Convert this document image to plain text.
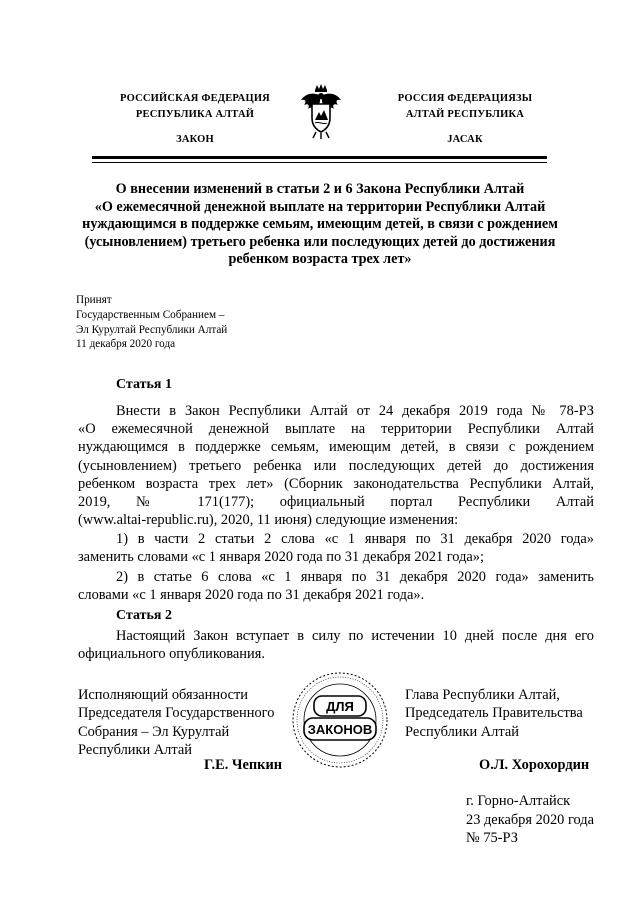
РОССИЙСКАЯ ФЕДЕРАЦИЯ
РЕСПУБЛИКА АЛТАЙ
ЗАКОН
РОССИЯ ФЕДЕРАЦИЯЗЫ
АЛТАЙ РЕСПУБЛИКА
JАСАК
О внесении изменений в статьи 2 и 6 Закона Республики Алтай
«О ежемесячной денежной выплате на территории Республики Алтай
нуждающимся в поддержке семьям, имеющим детей, в связи с рождением
(усыновлением) третьего ребенка или последующих детей до достижения
ребенком возраста трех лет»
Принят
Государственным Собранием –
Эл Курултай Республики Алтай
11 декабря 2020 года
Статья 1
Внести в Закон Республики Алтай от 24 декабря 2019 года № 78-РЗ
«О ежемесячной денежной выплате на территории Республики Алтай
нуждающимся в поддержке семьям, имеющим детей, в связи с рождением
(усыновлением) третьего ребенка или последующих детей до достижения
ребенком возраста трех лет» (Сборник законодательства Республики Алтай,
2019, № 171(177); официальный портал Республики Алтай
(www.altai-republic.ru), 2020, 11 июня) следующие изменения:
1) в части 2 статьи 2 слова «с 1 января по 31 декабря 2020 года»
заменить словами «с 1 января 2020 года по 31 декабря 2021 года»;
2) в статье 6 слова «с 1 января по 31 декабря 2020 года» заменить
словами «с 1 января 2020 года по 31 декабря 2021 года».
Статья 2
Настоящий Закон вступает в силу по истечении 10 дней после дня его
официального опубликования.
Исполняющий обязанности
Председателя Государственного
Собрания – Эл Курултай
Республики Алтай
Г.Е. Чепкин
Глава Республики Алтай,
Председатель Правительства
Республики Алтай
О.Л. Хорохордин
ДЛЯ
ЗАКОНОВ
г. Горно-Алтайск
23 декабря 2020 года
№ 75-РЗ
